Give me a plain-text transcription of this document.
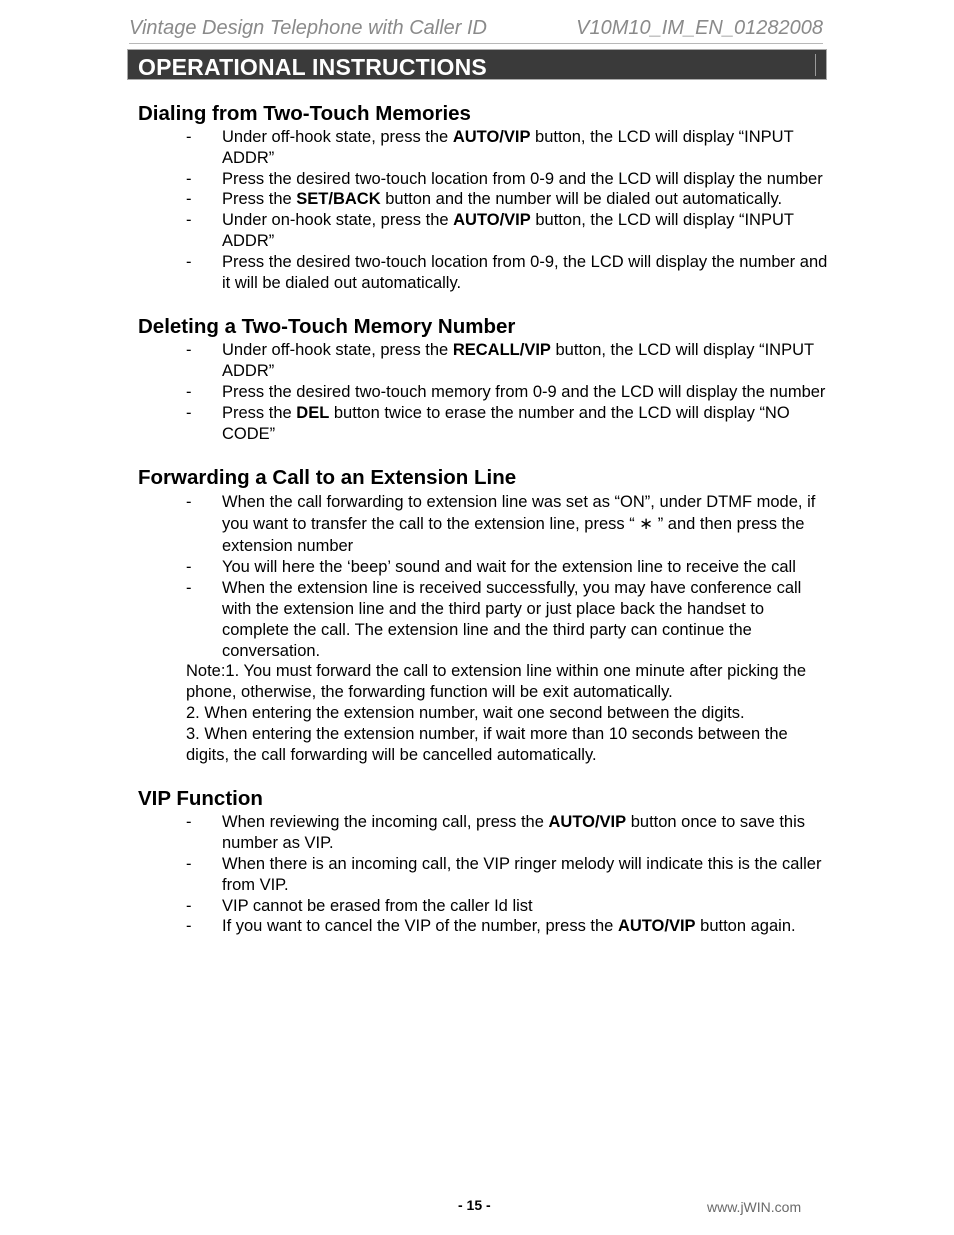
Vintage Design Telephone with Caller ID	V10M10_IM_EN_01282008
OPERATIONAL INSTRUCTIONS
Dialing from Two-Touch Memories
- Under off-hook state, press the AUTO/VIP button, the LCD will display “INPUT ADDR”
- Press the desired two-touch location from 0-9 and the LCD will display the number
- Press the SET/BACK button and the number will be dialed out automatically.
- Under on-hook state, press the AUTO/VIP button, the LCD will display “INPUT ADDR”
- Press the desired two-touch location from 0-9, the LCD will display the number and it will be dialed out automatically.
Deleting a Two-Touch Memory Number
- Under off-hook state, press the RECALL/VIP button, the LCD will display “INPUT ADDR”
- Press the desired two-touch memory from 0-9 and the LCD will display the number
- Press the DEL button twice to erase the number and the LCD will display “NO CODE”
Forwarding a Call to an Extension Line
- When the call forwarding to extension line was set as “ON”, under DTMF mode, if you want to transfer the call to the extension line, press “ ∗ ” and then press the extension number
- You will here the ‘beep’ sound and wait for the extension line to receive the call
- When the extension line is received successfully, you may have conference call with the extension line and the third party or just place back the handset to complete the call. The extension line and the third party can continue the conversation.

Note:1. You must forward the call to extension line within one minute after picking the phone, otherwise, the forwarding function will be exit automatically.

2. When entering the extension number, wait one second between the digits.

3. When entering the extension number, if wait more than 10 seconds between the digits, the call forwarding will be cancelled automatically.

VIP Function
- When reviewing the incoming call, press the AUTO/VIP button once to save this number as VIP.
- When there is an incoming call, the VIP ringer melody will indicate this is the caller from VIP.
- VIP cannot be erased from the caller Id list
- If you want to cancel the VIP of the number, press the AUTO/VIP button again.
- 15 -	www.jWIN.com
